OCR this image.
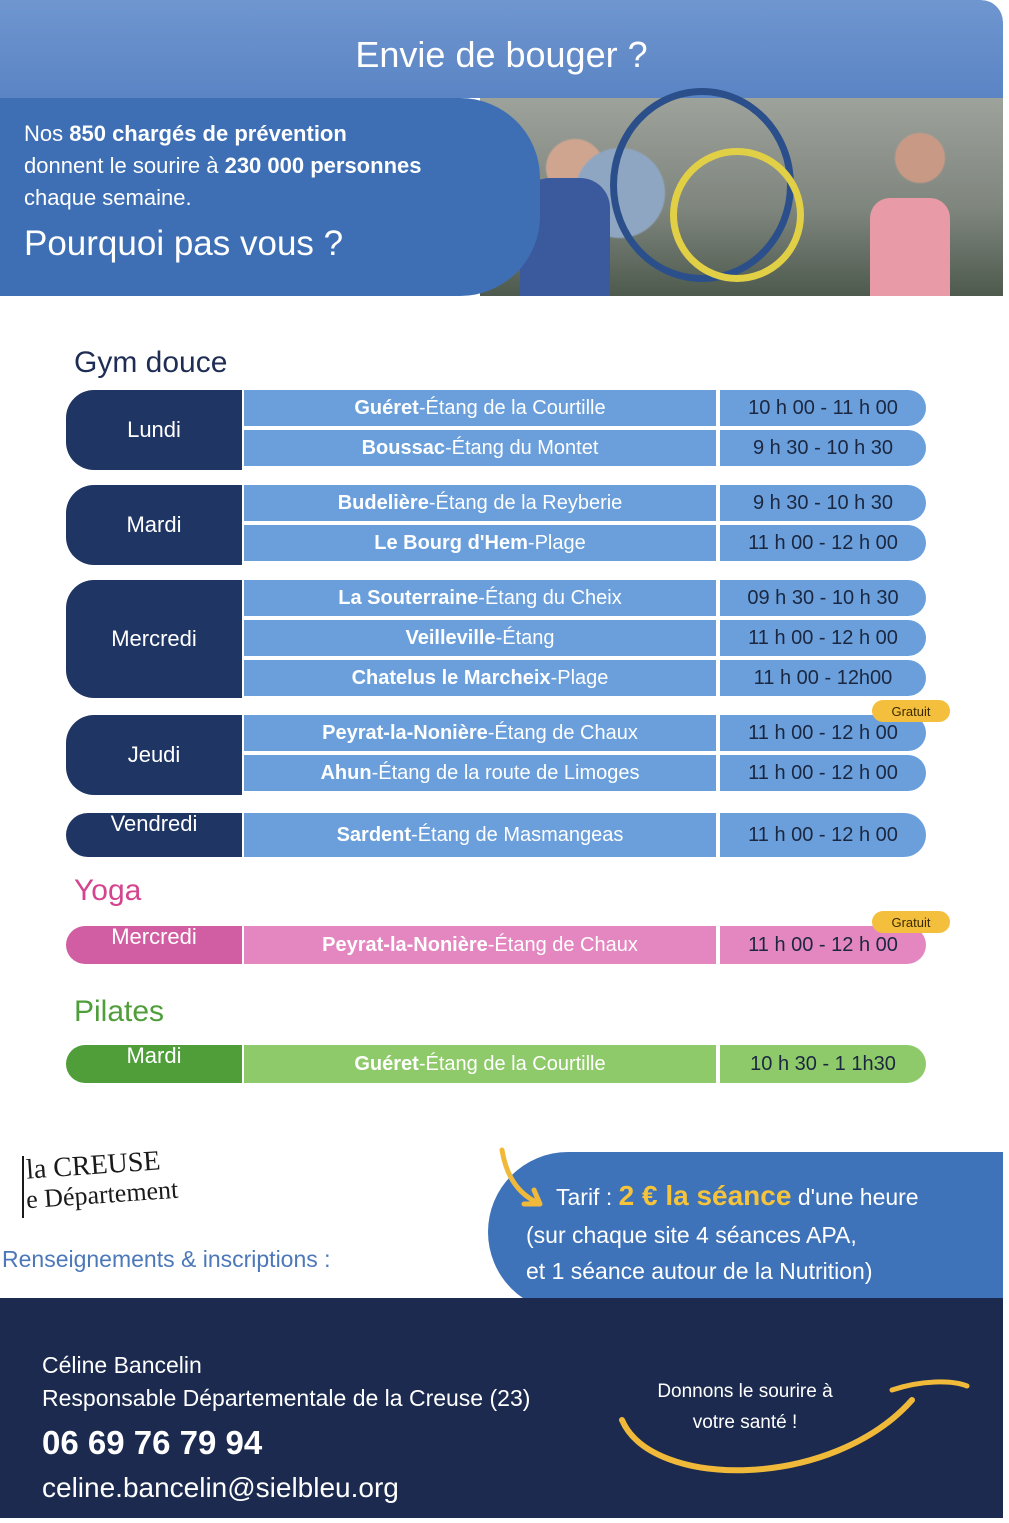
Envie de bouger ?
Nos 850 chargés de prévention
donnent le sourire à 230 000 personnes
chaque semaine.
Pourquoi pas vous ?
Gym douce
Lundi
Guéret - Étang de la Courtille	10 h 00 - 11 h 00
Boussac - Étang du Montet	9 h 30 - 10 h 30
Mardi
Budelière - Étang de la Reyberie	9 h 30 - 10 h 30
Le Bourg d'Hem - Plage	11 h 00 - 12 h 00
Mercredi
La Souterraine - Étang du Cheix	09 h 30 - 10 h 30
Veilleville - Étang	11 h 00 - 12 h 00
Chatelus le Marcheix - Plage	11 h 00 - 12h00
Jeudi
Peyrat-la-Nonière - Étang de Chaux	11 h 00 - 12 h 00
Ahun - Étang de la route de Limoges	11 h 00 - 12 h 00
Gratuit
Vendredi	Sardent - Étang de Masmangeas	11 h 00 - 12 h 00
Yoga
Mercredi	Peyrat-la-Nonière - Étang de Chaux	11 h 00 - 12 h 00
Gratuit
Pilates
Mardi	Guéret - Étang de la Courtille	10 h 30 - 1 1h30
la CREUSE
e Département
Renseignements & inscriptions :
Tarif : 2 € la séance d'une heure
(sur chaque site 4 séances APA,
et 1 séance autour de la Nutrition)
Céline Bancelin
Responsable Départementale de la Creuse (23)
06 69 76 79 94
celine.bancelin@sielbleu.org
Donnons le sourire à
votre santé !
